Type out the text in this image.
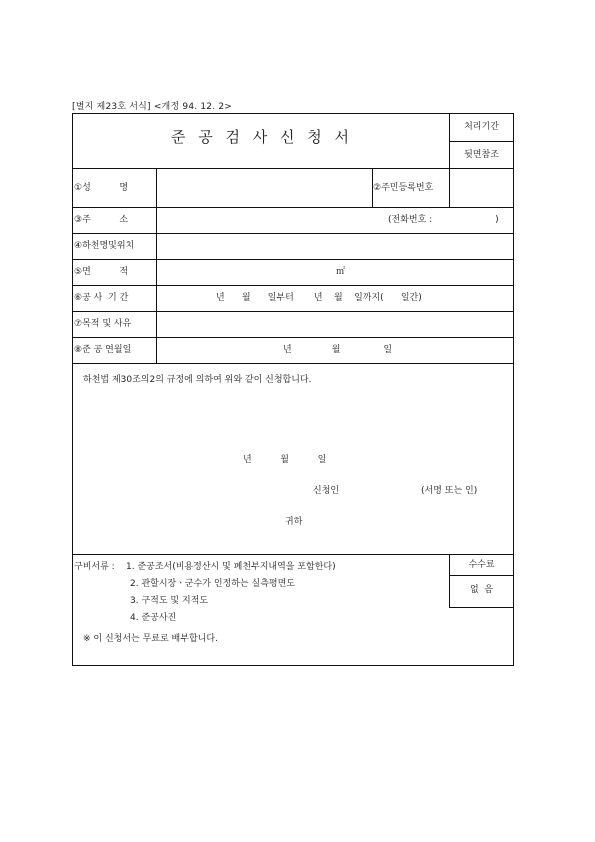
[별지 제23호 서식] <개정 94. 12. 2>
준 공 검 사 신 청 서
처리기간
뒷면참조
①성          명	②주민등록번호
③주          소	(전화번호 :                      )
④하천명및위치
⑤면          적	㎡
⑥공 사  기 간	년      월      일부터       년    월    일까지(      일간)
⑦목적 및 사유
⑧준 공 연월일	년              월               일
하천법 제30조의2의 규정에 의하여 위와 같이 신청합니다.
년          월          일
신청인	(서명 또는 인)
귀하
구비서류 : 1. 준공조서(비용정산시 및 폐천부지내역을 포함한다)
2. 관할시장ㆍ군수가 인정하는 실측평면도
3. 구적도 및 지적도
4. 준공사진
※ 이 신청서는 무료로 배부합니다.
수수료
없  음
